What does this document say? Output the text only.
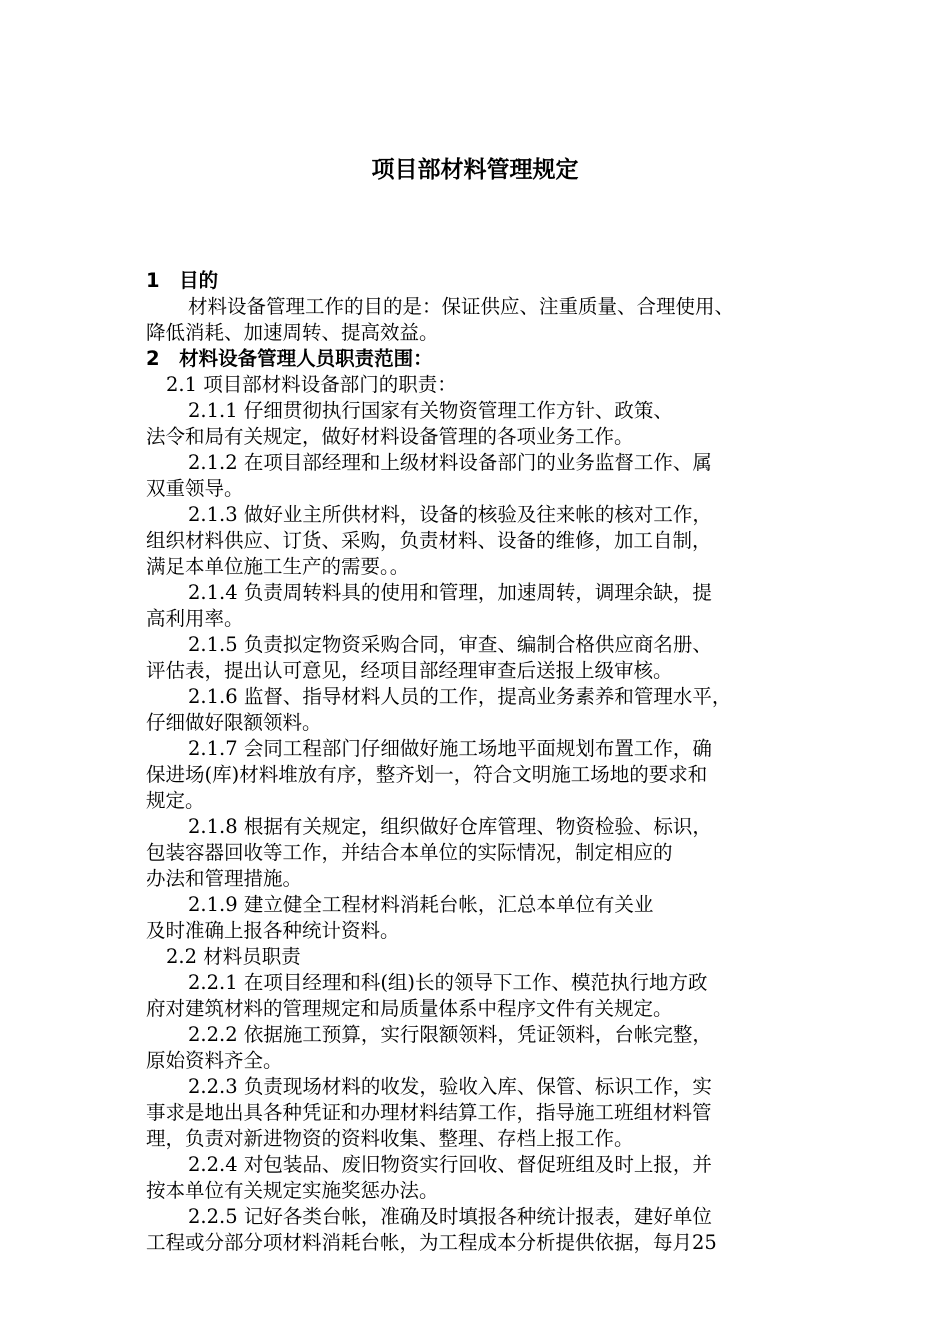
项目部材料管理规定
1　目的
材料设备管理工作的目的是：保证供应、注重质量、合理使用、
降低消耗、加速周转、提高效益。
2　材料设备管理人员职责范围：
2.1 项目部材料设备部门的职责：
2.1.1 仔细贯彻执行国家有关物资管理工作方针、政策、
法令和局有关规定，做好材料设备管理的各项业务工作。
2.1.2 在项目部经理和上级材料设备部门的业务监督工作、属
双重领导。
2.1.3 做好业主所供材料，设备的核验及往来帐的核对工作，
组织材料供应、订货、采购，负责材料、设备的维修，加工自制，
满足本单位施工生产的需要。。
2.1.4 负责周转料具的使用和管理，加速周转，调理余缺，提
高利用率。
2.1.5 负责拟定物资采购合同，审查、编制合格供应商名册、
评估表，提出认可意见，经项目部经理审查后送报上级审核。
2.1.6 监督、指导材料人员的工作，提高业务素养和管理水平，
仔细做好限额领料。
2.1.7 会同工程部门仔细做好施工场地平面规划布置工作，确
保进场(库)材料堆放有序，整齐划一，符合文明施工场地的要求和
规定。
2.1.8 根据有关规定，组织做好仓库管理、物资检验、标识，
包装容器回收等工作，并结合本单位的实际情况，制定相应的
办法和管理措施。
2.1.9 建立健全工程材料消耗台帐，汇总本单位有关业
及时准确上报各种统计资料。
2.2 材料员职责
2.2.1 在项目经理和科(组)长的领导下工作、模范执行地方政
府对建筑材料的管理规定和局质量体系中程序文件有关规定。
2.2.2 依据施工预算，实行限额领料，凭证领料，台帐完整，
原始资料齐全。
2.2.3 负责现场材料的收发，验收入库、保管、标识工作，实
事求是地出具各种凭证和办理材料结算工作，指导施工班组材料管
理，负责对新进物资的资料收集、整理、存档上报工作。
2.2.4 对包装品、废旧物资实行回收、督促班组及时上报，并
按本单位有关规定实施奖惩办法。
2.2.5 记好各类台帐，准确及时填报各种统计报表，建好单位
工程或分部分项材料消耗台帐，为工程成本分析提供依据，每月25
